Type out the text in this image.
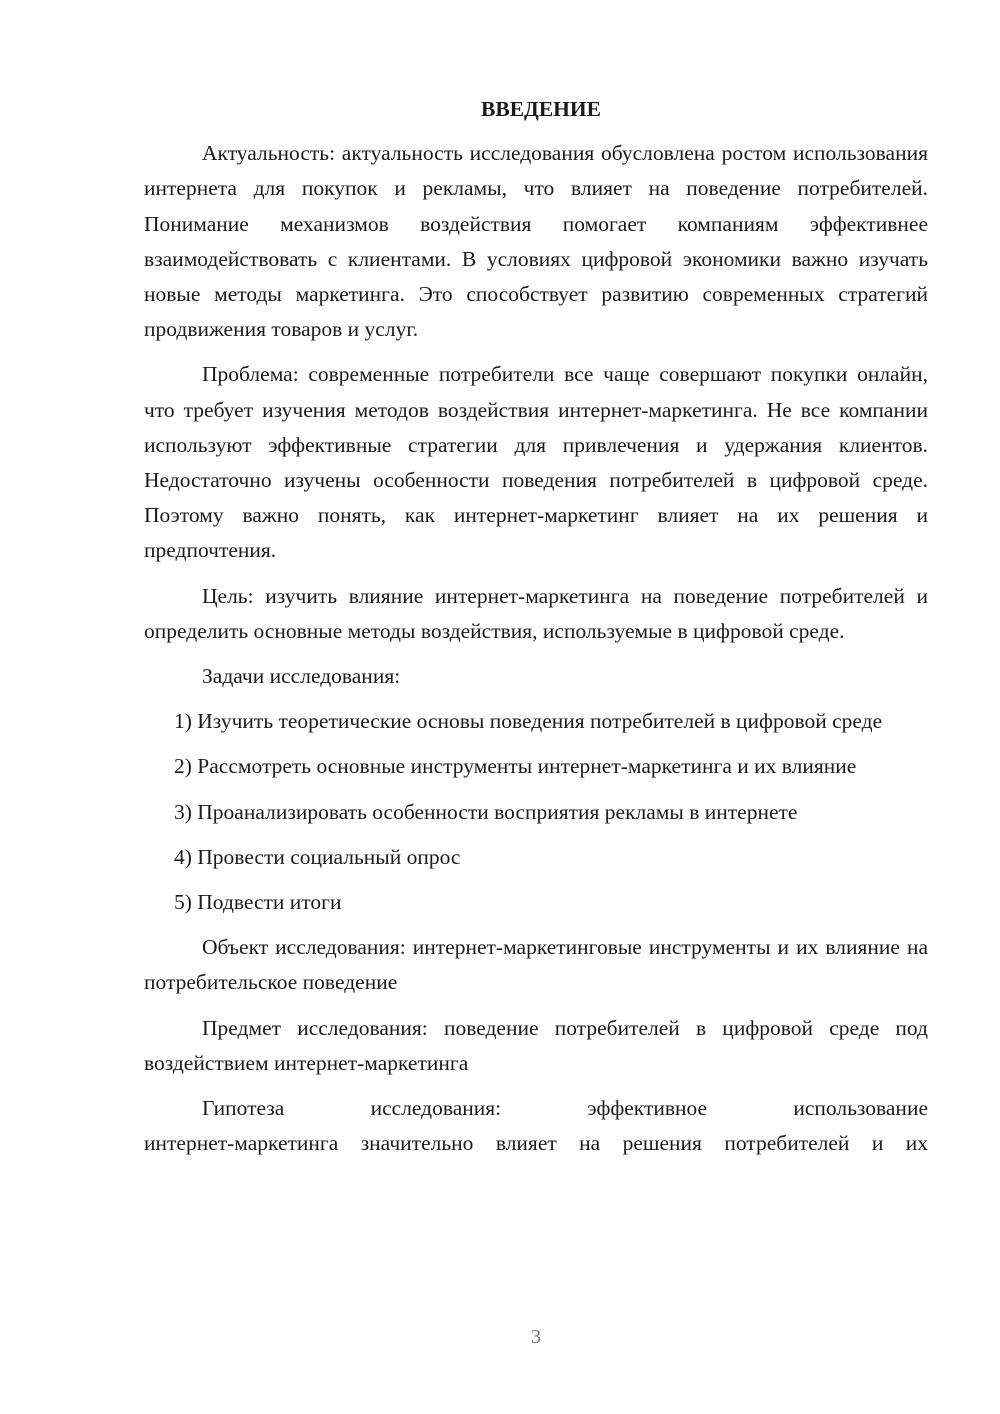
ВВЕДЕНИЕ

Актуальность: актуальность исследования обусловлена ростом использования интернета для покупок и рекламы, что влияет на поведение потребителей. Понимание механизмов воздействия помогает компаниям эффективнее взаимодействовать с клиентами. В условиях цифровой экономики важно изучать новые методы маркетинга. Это способствует развитию современных стратегий продвижения товаров и услуг.

Проблема: современные потребители все чаще совершают покупки онлайн, что требует изучения методов воздействия интернет-маркетинга. Не все компании используют эффективные стратегии для привлечения и удержания клиентов. Недостаточно изучены особенности поведения потребителей в цифровой среде. Поэтому важно понять, как интернет-маркетинг влияет на их решения и предпочтения.

Цель: изучить влияние интернет-маркетинга на поведение потребителей и определить основные методы воздействия, используемые в цифровой среде.

Задачи исследования:

1) Изучить теоретические основы поведения потребителей в цифровой среде

2) Рассмотреть основные инструменты интернет-маркетинга и их влияние

3) Проанализировать особенности восприятия рекламы в интернете

4) Провести социальный опрос

5) Подвести итоги

Объект исследования: интернет-маркетинговые инструменты и их влияние на потребительское поведение

Предмет исследования: поведение потребителей в цифровой среде под воздействием интернет-маркетинга

Гипотеза исследования: эффективное использование

интернет-маркетинга значительно влияет на решения потребителей и их

3
